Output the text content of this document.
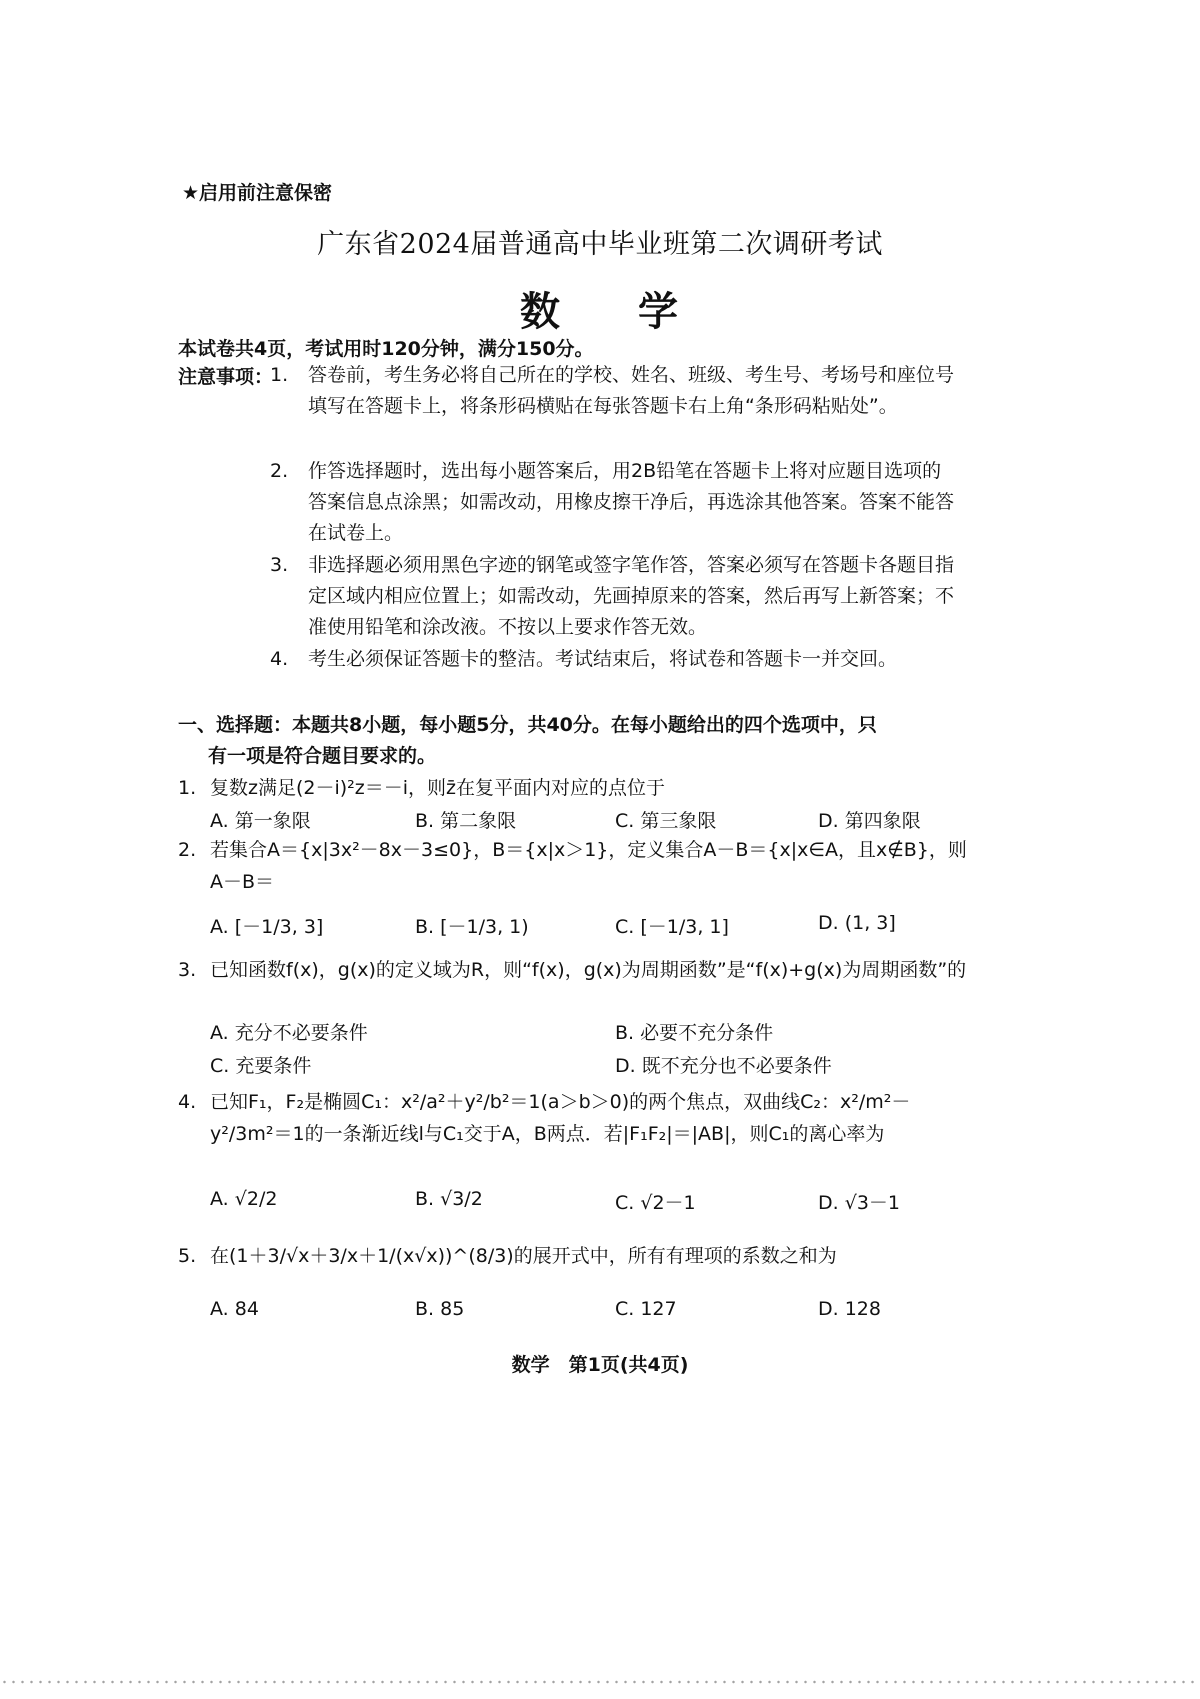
★启用前注意保密
广东省2024届普通高中毕业班第二次调研考试
数 学
本试卷共4页，考试用时120分钟，满分150分。
注意事项：
1.	答卷前，考生务必将自己所在的学校、姓名、班级、考生号、考场号和座位号填写在答题卡上，将条形码横贴在每张答题卡右上角“条形码粘贴处”。
2.	作答选择题时，选出每小题答案后，用2B铅笔在答题卡上将对应题目选项的答案信息点涂黑；如需改动，用橡皮擦干净后，再选涂其他答案。答案不能答在试卷上。
3.	非选择题必须用黑色字迹的钢笔或签字笔作答，答案必须写在答题卡各题目指定区域内相应位置上；如需改动，先画掉原来的答案，然后再写上新答案；不准使用铅笔和涂改液。不按以上要求作答无效。
4.	考生必须保证答题卡的整洁。考试结束后，将试卷和答题卡一并交回。
一、选择题：本题共8小题，每小题5分，共40分。在每小题给出的四个选项中，只
有一项是符合题目要求的。
1. 复数z满足(2－i)²z＝－i，则z̄在复平面内对应的点位于
A. 第一象限	B. 第二象限	C. 第三象限	D. 第四象限
2. 若集合A＝{x|3x²－8x－3≤0}，B＝{x|x＞1}，定义集合A－B＝{x|x∈A，且x∉B}，则A－B＝
A. [－1/3, 3]	B. [－1/3, 1)	C. [－1/3, 1]	D. (1, 3]
3. 已知函数f(x)，g(x)的定义域为R，则“f(x)，g(x)为周期函数”是“f(x)+g(x)为周期函数”的
A. 充分不必要条件	B. 必要不充分条件
C. 充要条件	D. 既不充分也不必要条件
4. 已知F₁，F₂是椭圆C₁：x²/a²＋y²/b²＝1(a＞b＞0)的两个焦点，双曲线C₂：x²/m²－y²/3m²＝1的一条渐近线l与C₁交于A，B两点．若|F₁F₂|＝|AB|，则C₁的离心率为
A. √2/2	B. √3/2	C. √2－1	D. √3－1
5. 在(1＋3/√x＋3/x＋1/(x√x))^(8/3)的展开式中，所有有理项的系数之和为
A. 84	B. 85	C. 127	D. 128
数学　第1页(共4页)
